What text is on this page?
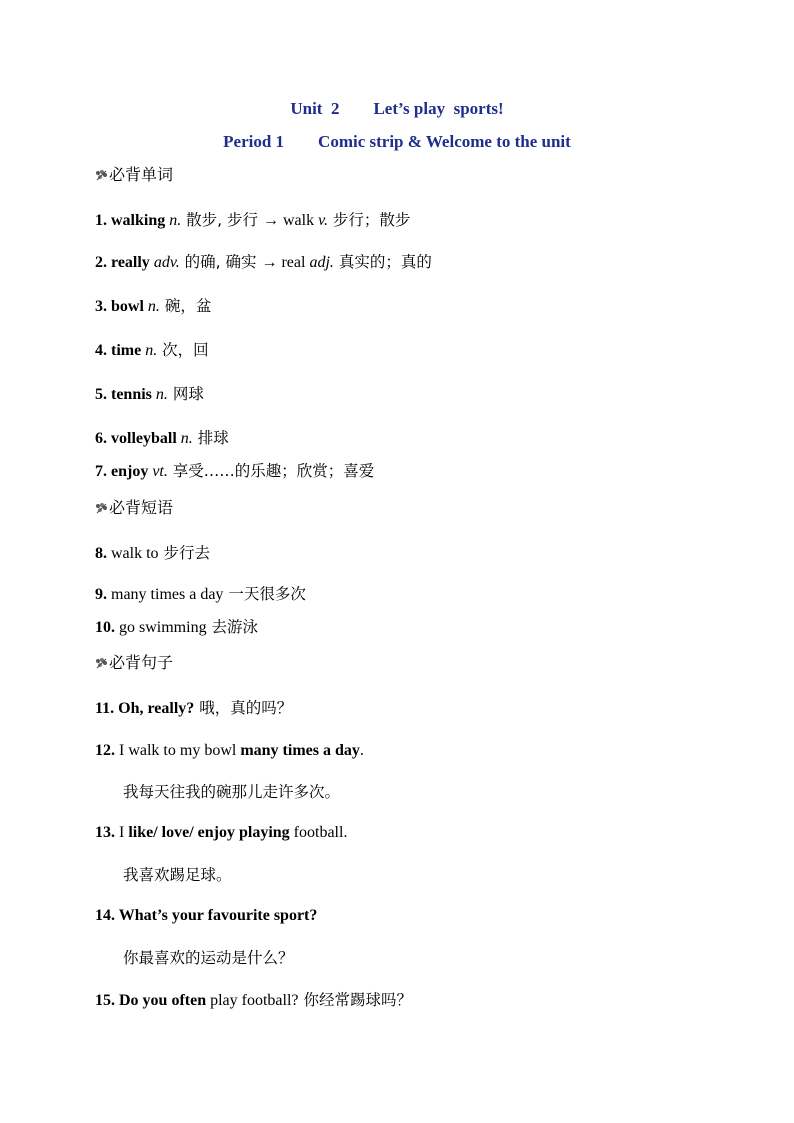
Unit  2        Let’s play  sports!
Period 1        Comic strip & Welcome to the unit
必背单词
1. walking n. 散步, 步行 → walk v. 步行；散步
2. really adv. 的确, 确实 → real adj. 真实的；真的
3. bowl n. 碗，盆
4. time n. 次，回
5. tennis n. 网球
6. volleyball n. 排球
7. enjoy vt. 享受……的乐趣；欣赏；喜爱
必背短语
8. walk to 步行去
9. many times a day 一天很多次
10. go swimming 去游泳
必背句子
11. Oh, really? 哦，真的吗？
12. I walk to my bowl many times a day.
我每天往我的碗那儿走许多次。
13. I like/ love/ enjoy playing football.
我喜欢踢足球。
14. What’s your favourite sport?
你最喜欢的运动是什么？
15. Do you often play football? 你经常踢球吗？
